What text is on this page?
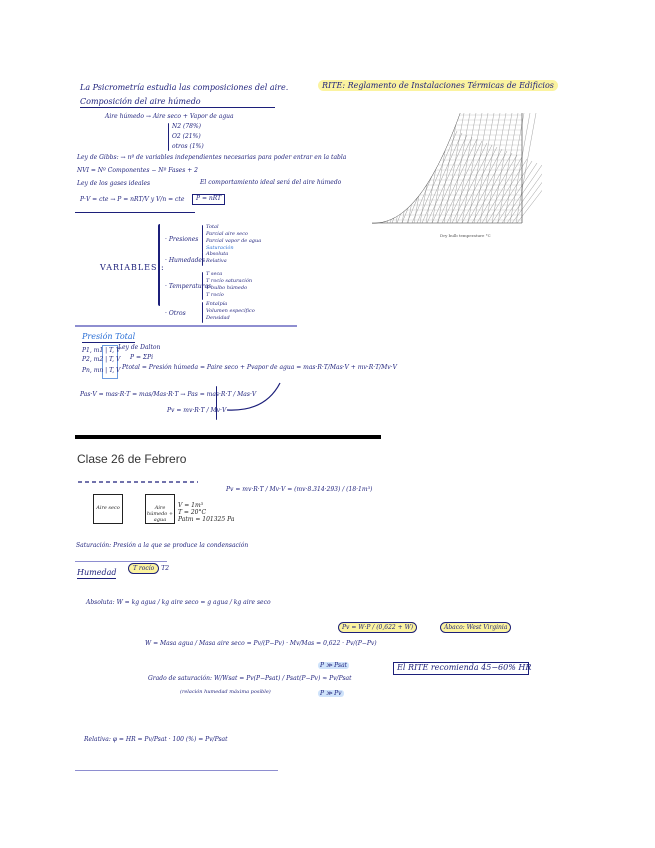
La Psicrometría estudia las composiciones del aire.
Composición del aire húmedo
Aire húmedo → Aire seco + Vapor de agua
N2 (78%)
O2 (21%)
otros (1%)
Ley de Gibbs: → nº de variables independientes necesarias para poder entrar en la tabla
NVI = Nº Componentes − Nº Fases + 2
Ley de los gases ideales	El comportamiento ideal será del aire húmedo
P·V = cte → P = nRT/V y V/n = cte	P = nRT
RITE: Reglamento de Instalaciones Térmicas de Edificios
Dry bulb temperature °C
VARIABLES :
· Presiones
Total
Parcial aire seco
Parcial vapor de agua
Saturación
· Humedades
Absoluta
Relativa
· Temperaturas
T seca
T rocío saturación
T bulbo húmedo
T rocío
· Otros
Entalpía
Volumen específico
Densidad
Presión Total
Ley de Dalton
P1, m1 | T, V
P2, m2 | T, V
Pn, mn | T, V
P = ΣPi
Ptotal = Presión húmeda = Paire seco + Pvapor de agua = mas·R·T/Mas·V + mv·R·T/Mv·V
Pas·V = mas·R·T = mas/Mas·R·T → Pas = mas·R·T / Mas·V
Pv = mv·R·T / Mv·V
Clase 26 de Febrero
Aire seco	Aire húmedo + agua
V = 1m³
T = 20°C
Patm = 101325 Pa
Pv = mv·R·T / Mv·V = (mv·8.314·293) / (18·1m³)
Saturación: Presión a la que se produce la condensación
Humedad	T rocío T2
Absoluta: W = kg agua / kg aire seco = g agua / kg aire seco
W = Masa agua / Masa aire seco = Pv/(P−Pv) · Mv/Mas = 0,622 · Pv/(P−Pv)
Pv = W·P / (0,622 + W)	Ábaco: West Virginia
El RITE recomienda 45−60% HR
P ≫ Psat
Grado de saturación: W/Wsat = Pv(P−Psat) / Psat(P−Pv) ≈ Pv/Psat
(relación humedad máxima posible)	P ≫ Pv
Relativa: φ = HR = Pv/Psat · 100 (%) = Pv/Psat
